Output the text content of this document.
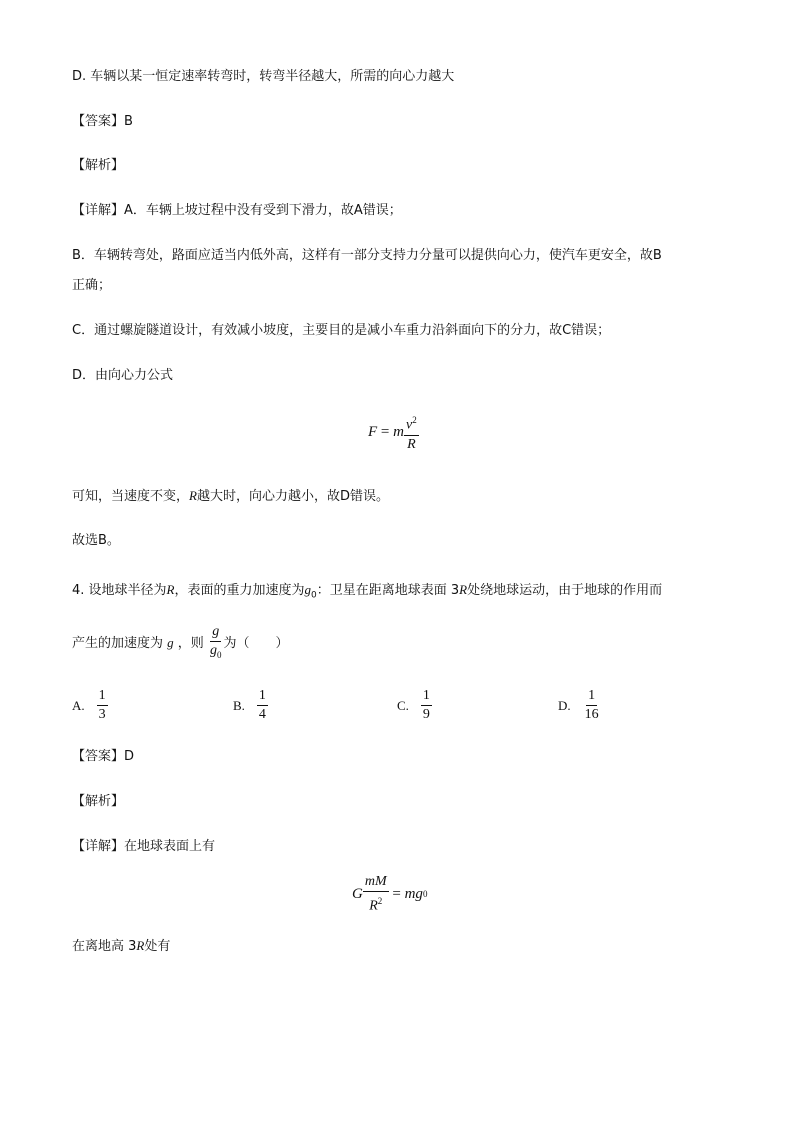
D. 车辆以某一恒定速率转弯时，转弯半径越大，所需的向心力越大
【答案】B
【解析】
【详解】A．车辆上坡过程中没有受到下滑力，故A错误；
B．车辆转弯处，路面应适当内低外高，这样有一部分支持力分量可以提供向心力，使汽车更安全，故B
正确；
C．通过螺旋隧道设计，有效减小坡度，主要目的是减小车重力沿斜面向下的分力，故C错误；
D．由向心力公式
F = m $\frac{v^2}{R}$
可知，当速度不变，R越大时，向心力越小，故D错误。
故选B。
4. 设地球半径为R，表面的重力加速度为$g_0$：卫星在距离地球表面 3R处绕地球运动，由于地球的作用而
产生的加速度为 g ，则 $\frac{g}{g_0}$ 为（　　）
A. $\frac{1}{3}$	B. $\frac{1}{4}$	C. $\frac{1}{9}$	D. $\frac{1}{16}$
【答案】D
【解析】
【详解】在地球表面上有
G $\frac{mM}{R^2}$ = mg 0
在离地高 3R处有
